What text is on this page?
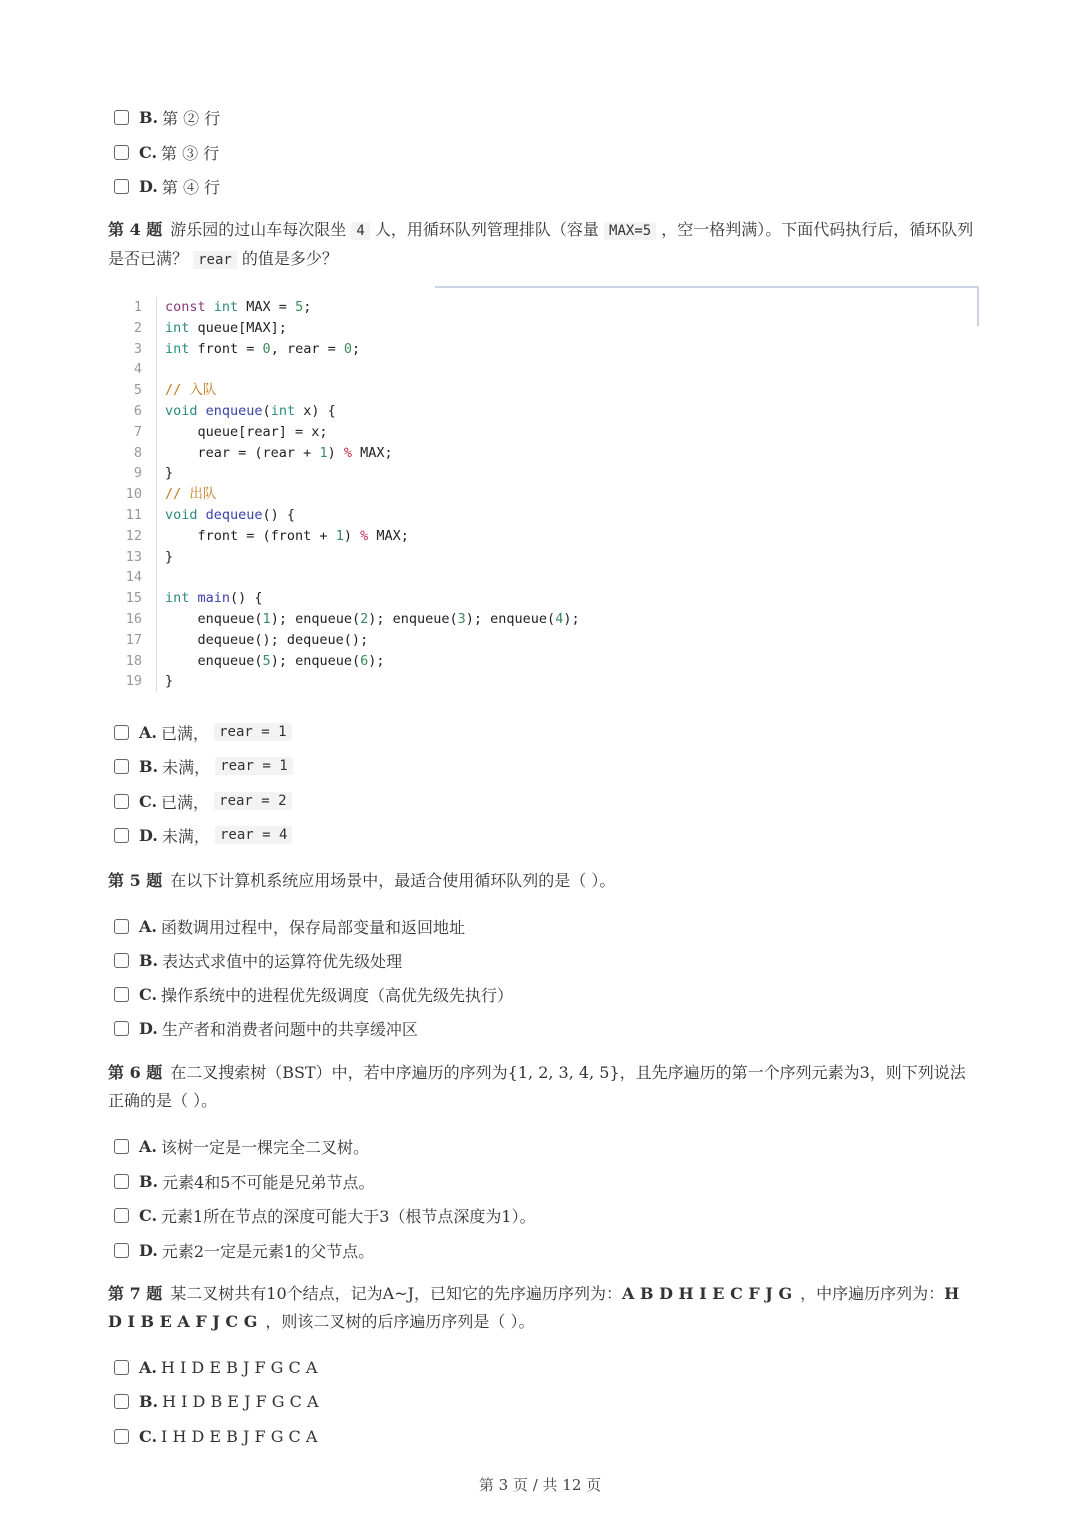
B. 第 ② 行
C. 第 ③ 行
D. 第 ④ 行
第 4 题 游乐园的过山车每次限坐 4 人，用循环队列管理排队（容量 MAX=5 ，空一格判满）。下面代码执行后，循环队列是否已满？ rear 的值是多少？
1	const int MAX = 5;
2	int queue[MAX];
3	int front = 0, rear = 0;
4
5	// 入队
6	void enqueue(int x) {
7	queue[rear] = x;
8	rear = (rear + 1) % MAX;
9	}
10	// 出队
11	void dequeue() {
12	front = (front + 1) % MAX;
13	}
14
15	int main() {
16	enqueue(1); enqueue(2); enqueue(3); enqueue(4);
17	dequeue(); dequeue();
18	enqueue(5); enqueue(6);
19	}
A. 已满，
rear = 1
B. 未满，
rear = 1
C. 已满，
rear = 2
D. 未满，
rear = 4
第 5 题 在以下计算机系统应用场景中，最适合使用循环队列的是（ ）。
A. 函数调用过程中，保存局部变量和返回地址
B. 表达式求值中的运算符优先级处理
C. 操作系统中的进程优先级调度（高优先级先执行）
D. 生产者和消费者问题中的共享缓冲区
第 6 题 在二叉搜索树（BST）中，若中序遍历的序列为{1, 2, 3, 4, 5}，且先序遍历的第一个序列元素为3，则下列说法正确的是（ ）。
A. 该树一定是一棵完全二叉树。
B. 元素4和5不可能是兄弟节点。
C. 元素1所在节点的深度可能大于3（根节点深度为1）。
D. 元素2一定是元素1的父节点。
第 7 题 某二叉树共有10个结点，记为A~J，已知它的先序遍历序列为：A B D H I E C F J G ，中序遍历序列为：H D I B E A F J C G ，则该二叉树的后序遍历序列是（ ）。
A. H I D E B J F G C A
B. H I D B E J F G C A
C. I H D E B J F G C A
第 3 页 / 共 12 页
